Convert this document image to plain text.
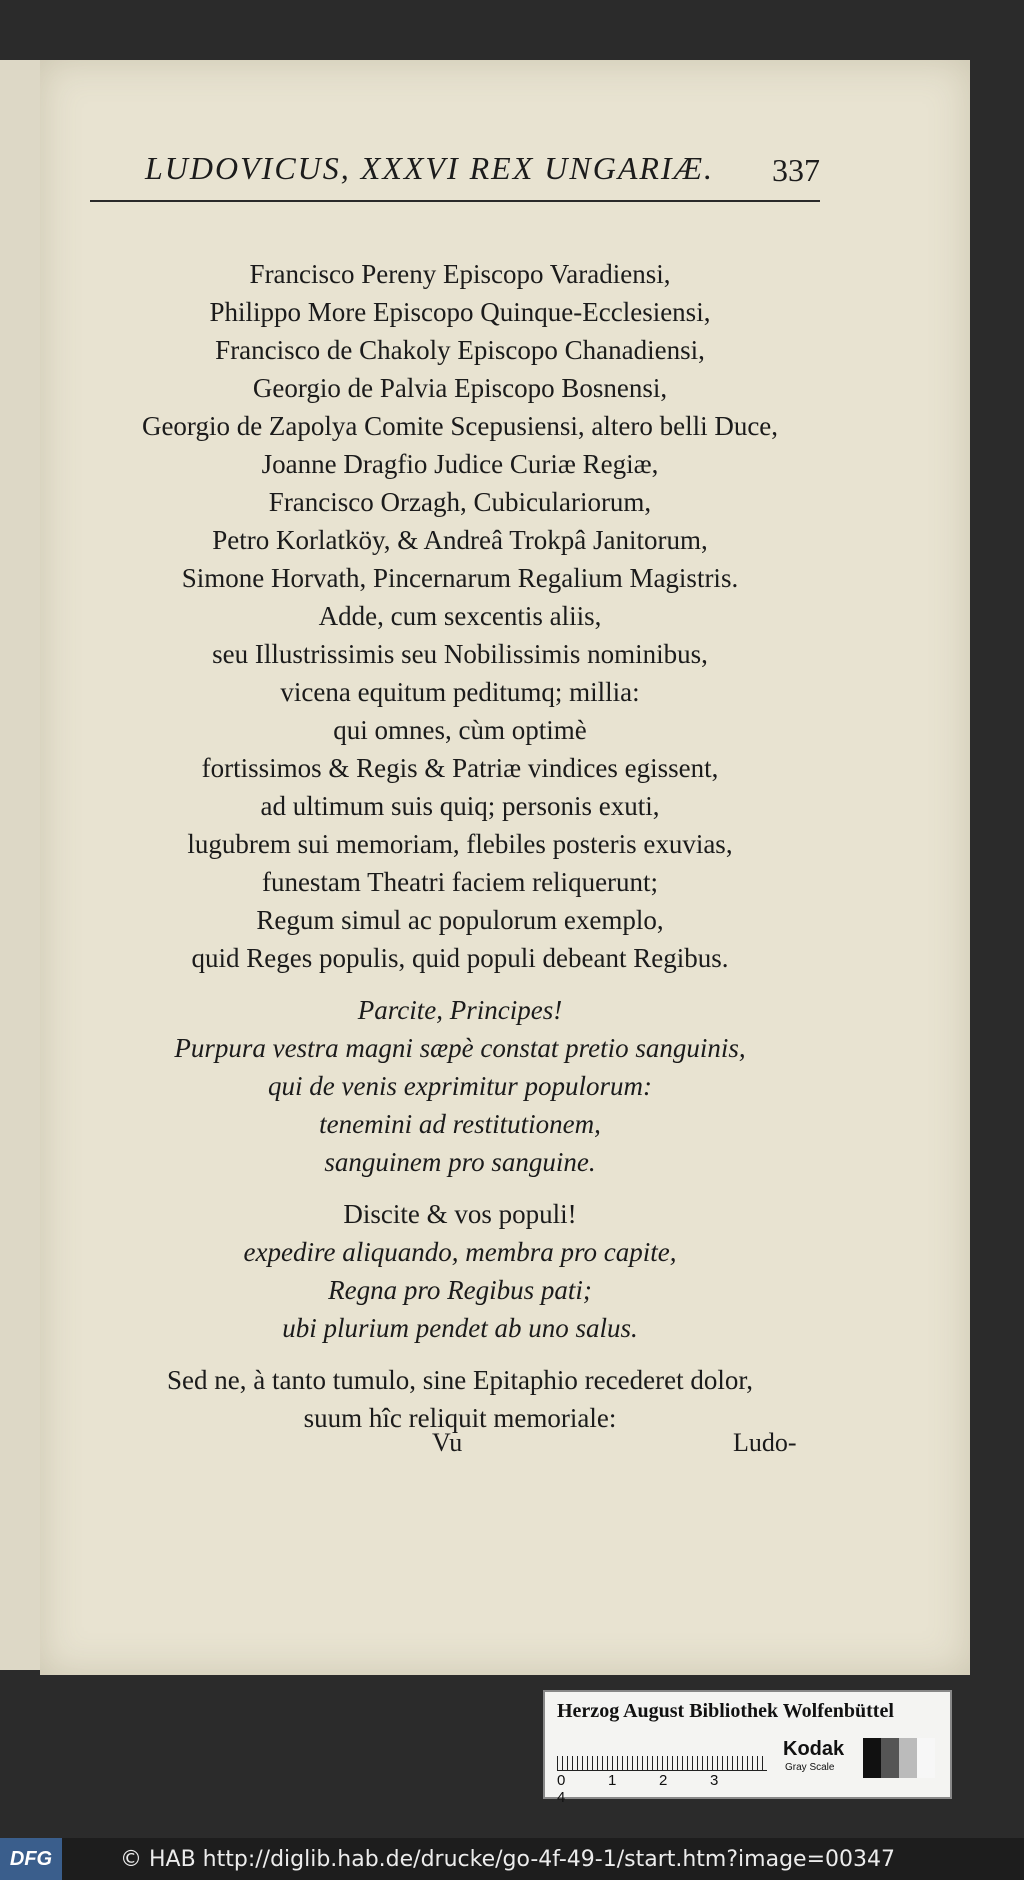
LUDOVICUS, XXXVI REX UNGARIÆ. 337
Francisco Pereny Episcopo Varadiensi,
Philippo More Episcopo Quinque-Ecclesiensi,
Francisco de Chakoly Episcopo Chanadiensi,
Georgio de Palvia Episcopo Bosnensi,
Georgio de Zapolya Comite Scepusiensi, altero belli Duce,
Joanne Dragfio Judice Curiæ Regiæ,
Francisco Orzagh, Cubiculariorum,
Petro Korlatköy, & Andreâ Trokpâ Janitorum,
Simone Horvath, Pincernarum Regalium Magistris.
Adde, cum sexcentis aliis,
seu Illustrissimis seu Nobilissimis nominibus,
vicena equitum peditumq; millia:
qui omnes, cùm optimè
fortissimos & Regis & Patriæ vindices egissent,
ad ultimum suis quiq; personis exuti,
lugubrem sui memoriam, flebiles posteris exuvias,
funestam Theatri faciem reliquerunt;
Regum simul ac populorum exemplo,
quid Reges populis, quid populi debeant Regibus.
Parcite, Principes!
Purpura vestra magni sæpè constat pretio sanguinis,
qui de venis exprimitur populorum:
tenemini ad restitutionem,
sanguinem pro sanguine.
Discite & vos populi!
expedire aliquando, membra pro capite,
Regna pro Regibus pati;
ubi plurium pendet ab uno salus.
Sed ne, à tanto tumulo, sine Epitaphio recederet dolor,
suum hîc reliquit memoriale:
Vu	Ludo-
Herzog August Bibliothek Wolfenbüttel
0	1	2	34
Kodak
Gray Scale
DFG	© HAB http://diglib.hab.de/drucke/go-4f-49-1/start.htm?image=00347
